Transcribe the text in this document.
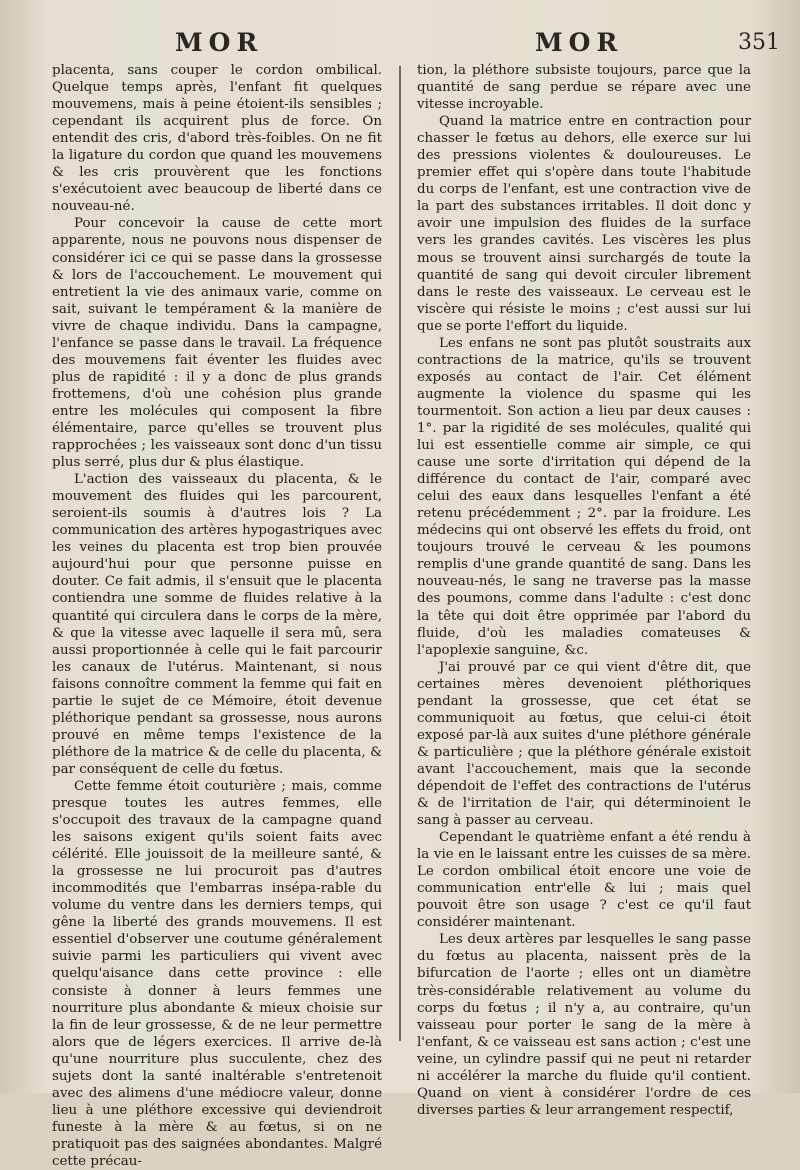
MOR	MOR	351

placenta, sans couper le cordon ombilical. Quelque temps après, l'enfant fit quelques mouvemens, mais à peine étoient-ils sensibles ; cependant ils acquirent plus de force. On entendit des cris, d'abord très-foibles. On ne fit la ligature du cordon que quand les mouvemens & les cris prouvèrent que les fonctions s'exécutoient avec beaucoup de liberté dans ce nouveau-né.

Pour concevoir la cause de cette mort apparente, nous ne pouvons nous dispenser de considérer ici ce qui se passe dans la grossesse & lors de l'accouchement. Le mouvement qui entretient la vie des animaux varie, comme on sait, suivant le tempérament & la manière de vivre de chaque individu. Dans la campagne, l'enfance se passe dans le travail. La fréquence des mouvemens fait éventer les fluides avec plus de rapidité : il y a donc de plus grands frottemens, d'où une cohésion plus grande entre les molécules qui composent la fibre élémentaire, parce qu'elles se trouvent plus rapprochées ; les vaisseaux sont donc d'un tissu plus serré, plus dur & plus élastique.

L'action des vaisseaux du placenta, & le mouvement des fluides qui les parcourent, seroient-ils soumis à d'autres lois ? La communication des artères hypogastriques avec les veines du placenta est trop bien prouvée aujourd'hui pour que personne puisse en douter. Ce fait admis, il s'ensuit que le placenta contiendra une somme de fluides relative à la quantité qui circulera dans le corps de la mère, & que la vitesse avec laquelle il sera mû, sera aussi proportionnée à celle qui le fait parcourir les canaux de l'utérus. Maintenant, si nous faisons connoître comment la femme qui fait en partie le sujet de ce Mémoire, étoit devenue pléthorique pendant sa grossesse, nous aurons prouvé en même temps l'existence de la pléthore de la matrice & de celle du placenta, & par conséquent de celle du fœtus.

Cette femme étoit couturière ; mais, comme presque toutes les autres femmes, elle s'occupoit des travaux de la campagne quand les saisons exigent qu'ils soient faits avec célérité. Elle jouissoit de la meilleure santé, & la grossesse ne lui procuroit pas d'autres incommodités que l'embarras insépa-rable du volume du ventre dans les derniers temps, qui gêne la liberté des grands mouvemens. Il est essentiel d'observer une coutume généralement suivie parmi les particuliers qui vivent avec quelqu'aisance dans cette province : elle consiste à donner à leurs femmes une nourriture plus abondante & mieux choisie sur la fin de leur grossesse, & de ne leur permettre alors que de légers exercices. Il arrive de-là qu'une nourriture plus succulente, chez des sujets dont la santé inaltérable s'entretenoit avec des alimens d'une médiocre valeur, donne lieu à une pléthore excessive qui deviendroit funeste à la mère & au fœtus, si on ne pratiquoit pas des saignées abondantes. Malgré cette précau-

tion, la pléthore subsiste toujours, parce que la quantité de sang perdue se répare avec une vitesse incroyable.

Quand la matrice entre en contraction pour chasser le fœtus au dehors, elle exerce sur lui des pressions violentes & douloureuses. Le premier effet qui s'opère dans toute l'habitude du corps de l'enfant, est une contraction vive de la part des substances irritables. Il doit donc y avoir une impulsion des fluides de la surface vers les grandes cavités. Les viscères les plus mous se trouvent ainsi surchargés de toute la quantité de sang qui devoit circuler librement dans le reste des vaisseaux. Le cerveau est le viscère qui résiste le moins ; c'est aussi sur lui que se porte l'effort du liquide.

Les enfans ne sont pas plutôt soustraits aux contractions de la matrice, qu'ils se trouvent exposés au contact de l'air. Cet élément augmente la violence du spasme qui les tourmentoit. Son action a lieu par deux causes : 1°. par la rigidité de ses molécules, qualité qui lui est essentielle comme air simple, ce qui cause une sorte d'irritation qui dépend de la différence du contact de l'air, comparé avec celui des eaux dans lesquelles l'enfant a été retenu précédemment ; 2°. par la froidure. Les médecins qui ont observé les effets du froid, ont toujours trouvé le cerveau & les poumons remplis d'une grande quantité de sang. Dans les nouveau-nés, le sang ne traverse pas la masse des poumons, comme dans l'adulte : c'est donc la tête qui doit être opprimée par l'abord du fluide, d'où les maladies comateuses & l'apoplexie sanguine, &c.

J'ai prouvé par ce qui vient d'être dit, que certaines mères devenoient pléthoriques pendant la grossesse, que cet état se communiquoit au fœtus, que celui-ci étoit exposé par-là aux suites d'une pléthore générale & particulière ; que la pléthore générale existoit avant l'accouchement, mais que la seconde dépendoit de l'effet des contractions de l'utérus & de l'irritation de l'air, qui déterminoient le sang à passer au cerveau.

Cependant le quatrième enfant a été rendu à la vie en le laissant entre les cuisses de sa mère. Le cordon ombilical étoit encore une voie de communication entr'elle & lui ; mais quel pouvoit être son usage ? c'est ce qu'il faut considérer maintenant.

Les deux artères par lesquelles le sang passe du fœtus au placenta, naissent près de la bifurcation de l'aorte ; elles ont un diamètre très-considérable relativement au volume du corps du fœtus ; il n'y a, au contraire, qu'un vaisseau pour porter le sang de la mère à l'enfant, & ce vaisseau est sans action ; c'est une veine, un cylindre passif qui ne peut ni retarder ni accélérer la marche du fluide qu'il contient. Quand on vient à considérer l'ordre de ces diverses parties & leur arrangement respectif,
